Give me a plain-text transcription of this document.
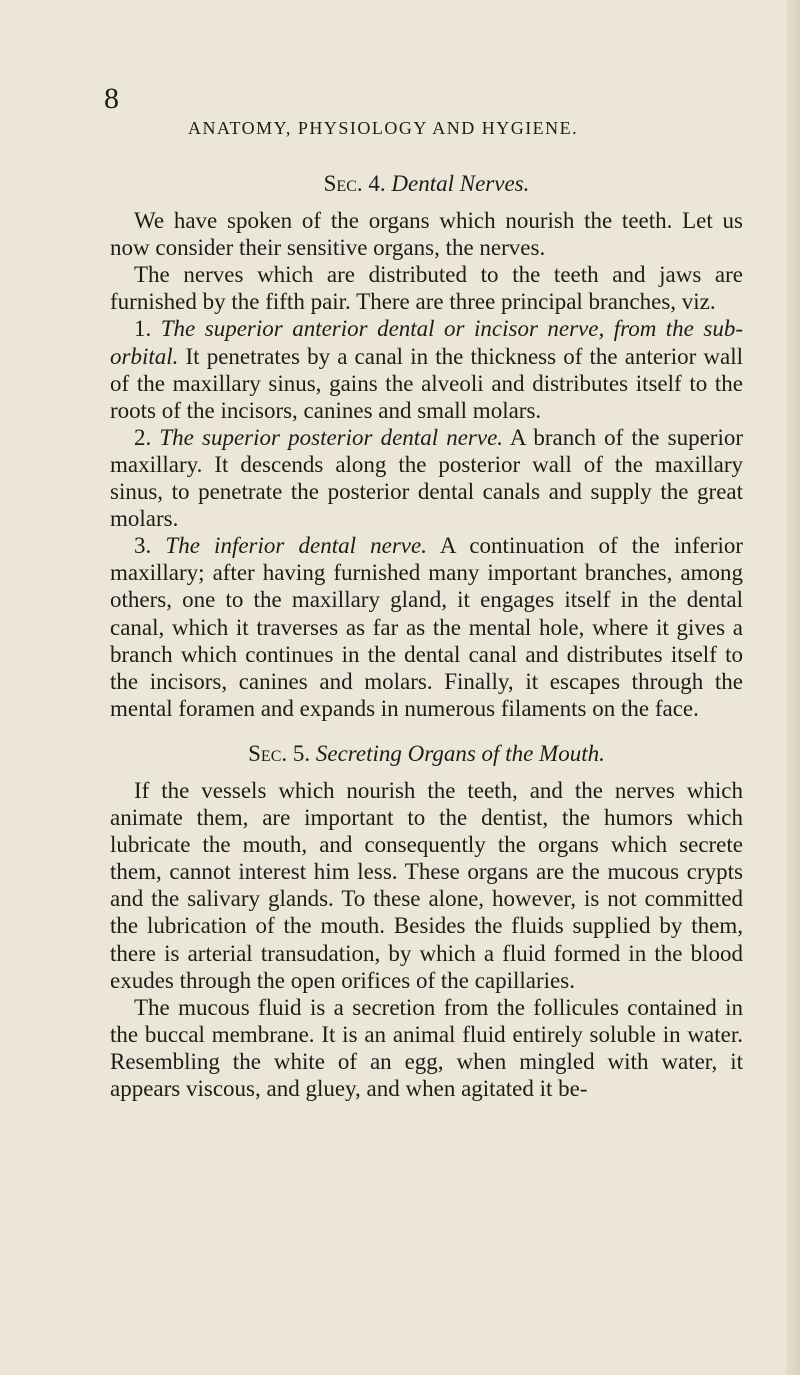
8
ANATOMY, PHYSIOLOGY AND HYGIENE.
Sec. 4. Dental Nerves.

We have spoken of the organs which nourish the teeth. Let us now consider their sensitive organs, the nerves.

The nerves which are distributed to the teeth and jaws are furnished by the fifth pair. There are three principal branches, viz.

1. The superior anterior dental or incisor nerve, from the sub-orbital. It penetrates by a canal in the thickness of the anterior wall of the maxillary sinus, gains the alveoli and distributes itself to the roots of the incisors, canines and small molars.

2. The superior posterior dental nerve. A branch of the superior maxillary. It descends along the posterior wall of the maxillary sinus, to penetrate the posterior dental canals and supply the great molars.

3. The inferior dental nerve. A continuation of the inferior maxillary; after having furnished many important branches, among others, one to the maxillary gland, it engages itself in the dental canal, which it traverses as far as the mental hole, where it gives a branch which continues in the dental canal and distributes itself to the incisors, canines and molars. Finally, it escapes through the mental foramen and expands in numerous filaments on the face.

Sec. 5. Secreting Organs of the Mouth.

If the vessels which nourish the teeth, and the nerves which animate them, are important to the dentist, the humors which lubricate the mouth, and consequently the organs which secrete them, cannot interest him less. These organs are the mucous crypts and the salivary glands. To these alone, however, is not committed the lubrication of the mouth. Besides the fluids supplied by them, there is arterial transudation, by which a fluid formed in the blood exudes through the open orifices of the capillaries.

The mucous fluid is a secretion from the follicules contained in the buccal membrane. It is an animal fluid entirely soluble in water. Resembling the white of an egg, when mingled with water, it appears viscous, and gluey, and when agitated it be-
